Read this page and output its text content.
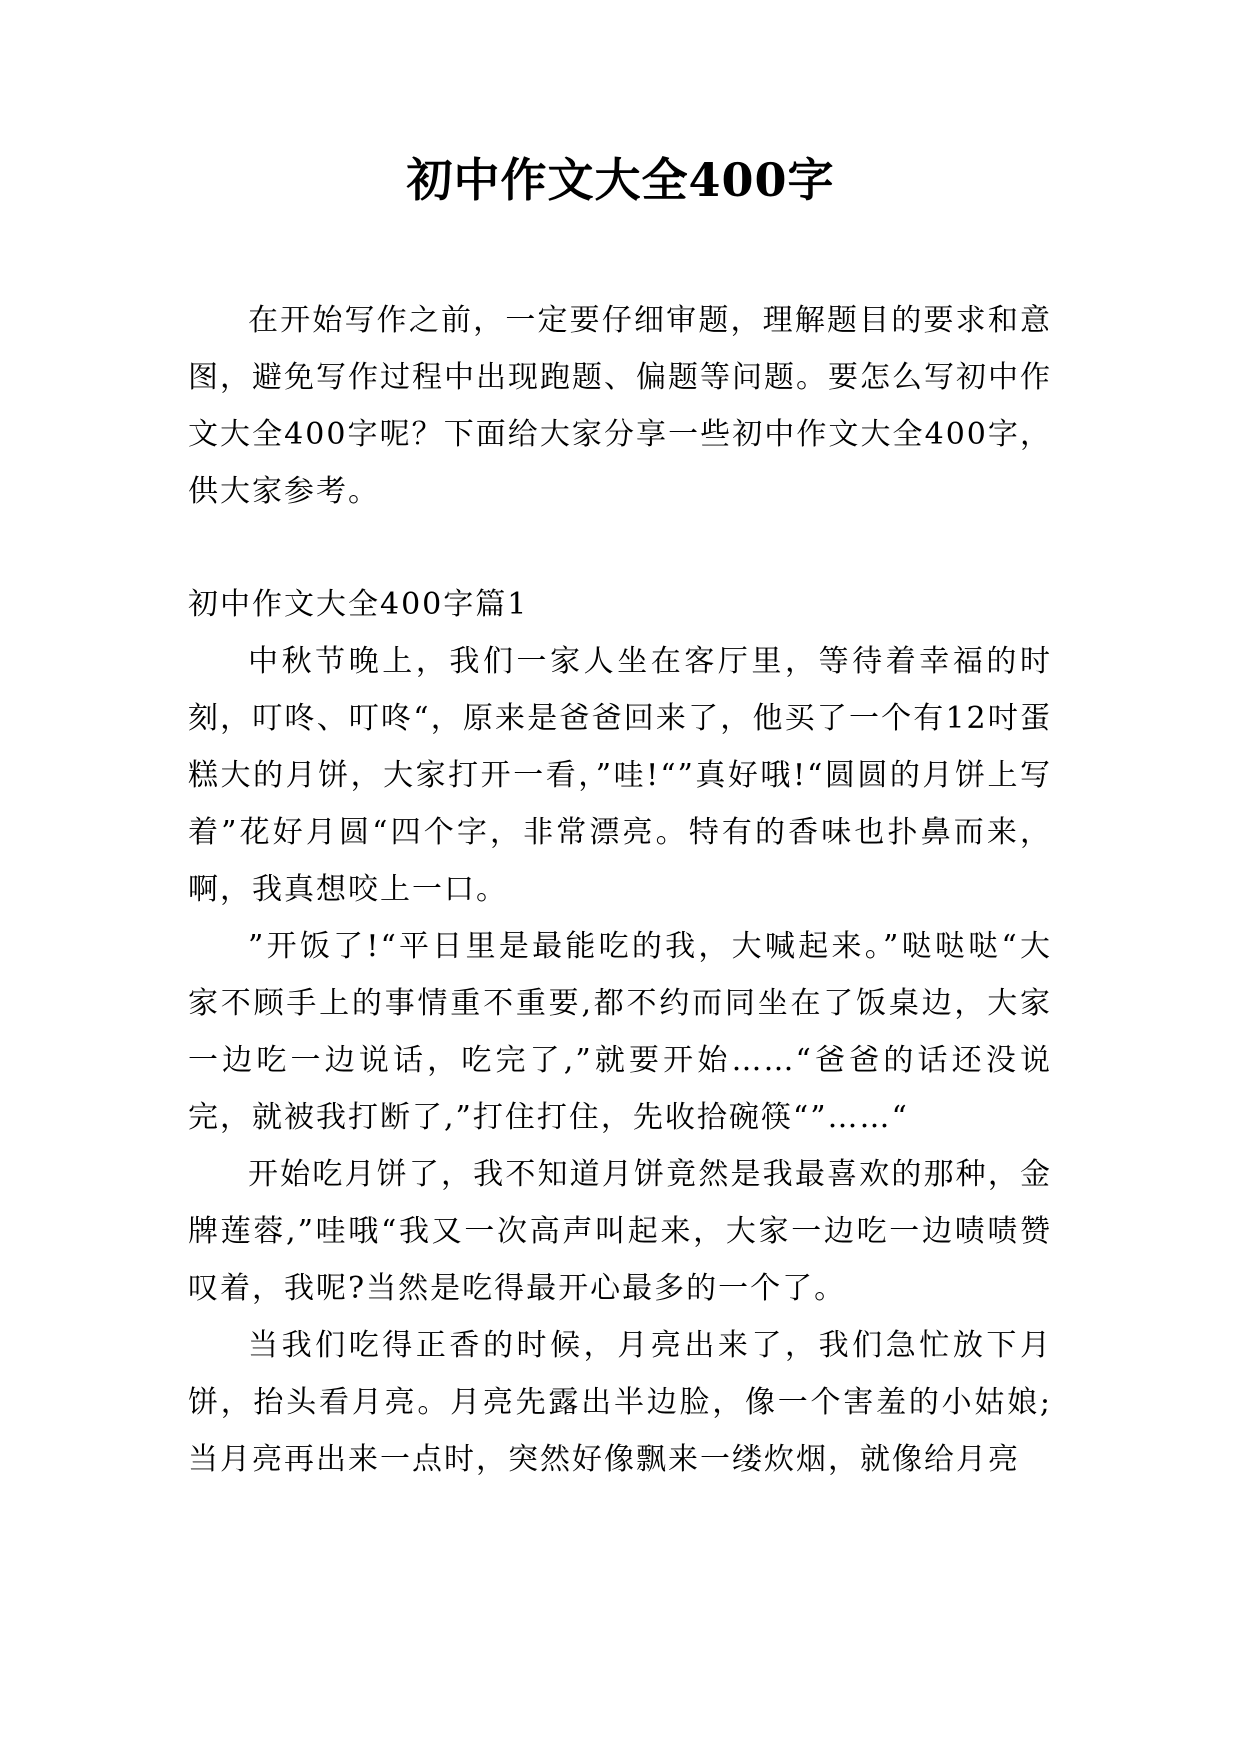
初中作文大全400字

在开始写作之前，一定要仔细审题，理解题目的要求和意图，避免写作过程中出现跑题、偏题等问题。要怎么写初中作文大全400字呢？下面给大家分享一些初中作文大全400字，供大家参考。

初中作文大全400字篇1

中秋节晚上，我们一家人坐在客厅里，等待着幸福的时刻，叮咚、叮咚“，原来是爸爸回来了，他买了一个有12吋蛋糕大的月饼，大家打开一看，”哇!“”真好哦!“圆圆的月饼上写着”花好月圆“四个字，非常漂亮。特有的香味也扑鼻而来，啊，我真想咬上一口。

”开饭了!“平日里是最能吃的我，大喊起来。”哒哒哒“大家不顾手上的事情重不重要,都不约而同坐在了饭桌边，大家一边吃一边说话，吃完了,”就要开始……“爸爸的话还没说完，就被我打断了,”打住打住，先收拾碗筷“”……“

开始吃月饼了，我不知道月饼竟然是我最喜欢的那种，金牌莲蓉,”哇哦“我又一次高声叫起来，大家一边吃一边啧啧赞叹着，我呢?当然是吃得最开心最多的一个了。

当我们吃得正香的时候，月亮出来了，我们急忙放下月饼，抬头看月亮。月亮先露出半边脸，像一个害羞的小姑娘;当月亮再出来一点时，突然好像飘来一缕炊烟，就像给月亮
